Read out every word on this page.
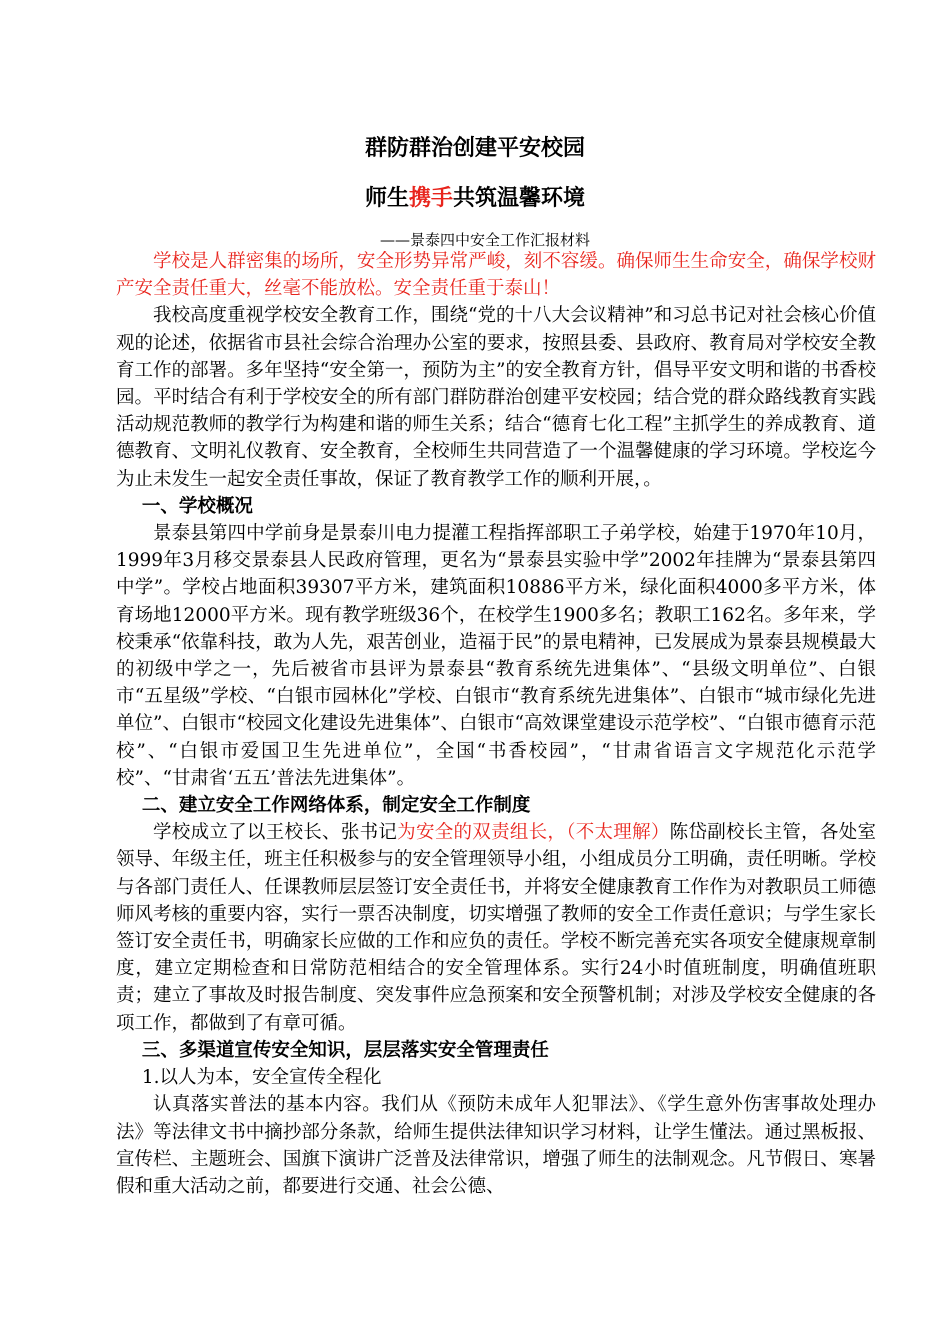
群防群治创建平安校园
师生携手共筑温馨环境
——景泰四中安全工作汇报材料

学校是人群密集的场所，安全形势异常严峻，刻不容缓。确保师生生命安全，确保学校财产安全责任重大，丝毫不能放松。安全责任重于泰山！

我校高度重视学校安全教育工作，围绕“党的十八大会议精神”和习总书记对社会核心价值观的论述，依据省市县社会综合治理办公室的要求，按照县委、县政府、教育局对学校安全教育工作的部署。多年坚持“安全第一，预防为主”的安全教育方针，倡导平安文明和谐的书香校园。平时结合有利于学校安全的所有部门群防群治创建平安校园；结合党的群众路线教育实践活动规范教师的教学行为构建和谐的师生关系；结合“德育七化工程”主抓学生的养成教育、道德教育、文明礼仪教育、安全教育，全校师生共同营造了一个温馨健康的学习环境。学校迄今为止未发生一起安全责任事故，保证了教育教学工作的顺利开展，。

一、学校概况

景泰县第四中学前身是景泰川电力提灌工程指挥部职工子弟学校，始建于1970年10月，1999年3月移交景泰县人民政府管理，更名为“景泰县实验中学”2002年挂牌为“景泰县第四中学”。学校占地面积39307平方米，建筑面积10886平方米，绿化面积4000多平方米，体育场地12000平方米。现有教学班级36个，在校学生1900多名；教职工162名。多年来，学校秉承“依靠科技，敢为人先，艰苦创业，造福于民”的景电精神，已发展成为景泰县规模最大的初级中学之一，先后被省市县评为景泰县“教育系统先进集体”、“县级文明单位”、白银市“五星级”学校、“白银市园林化”学校、白银市“教育系统先进集体”、白银市“城市绿化先进单位”、白银市“校园文化建设先进集体”、白银市“高效课堂建设示范学校”、“白银市德育示范校”、“白银市爱国卫生先进单位”，全国“书香校园”，“甘肃省语言文字规范化示范学校”、“甘肃省‘五五’普法先进集体”。

二、建立安全工作网络体系，制定安全工作制度

学校成立了以王校长、张书记为安全的双责组长，（不太理解）陈岱副校长主管，各处室领导、年级主任，班主任积极参与的安全管理领导小组，小组成员分工明确，责任明晰。学校与各部门责任人、任课教师层层签订安全责任书，并将安全健康教育工作作为对教职员工师德师风考核的重要内容，实行一票否决制度，切实增强了教师的安全工作责任意识；与学生家长签订安全责任书，明确家长应做的工作和应负的责任。学校不断完善充实各项安全健康规章制度，建立定期检查和日常防范相结合的安全管理体系。实行24小时值班制度，明确值班职责；建立了事故及时报告制度、突发事件应急预案和安全预警机制；对涉及学校安全健康的各项工作，都做到了有章可循。

三、多渠道宣传安全知识，层层落实安全管理责任

1.以人为本，安全宣传全程化

认真落实普法的基本内容。我们从《预防未成年人犯罪法》、《学生意外伤害事故处理办法》等法律文书中摘抄部分条款，给师生提供法律知识学习材料，让学生懂法。通过黑板报、宣传栏、主题班会、国旗下演讲广泛普及法律常识，增强了师生的法制观念。凡节假日、寒暑假和重大活动之前，都要进行交通、社会公德、
